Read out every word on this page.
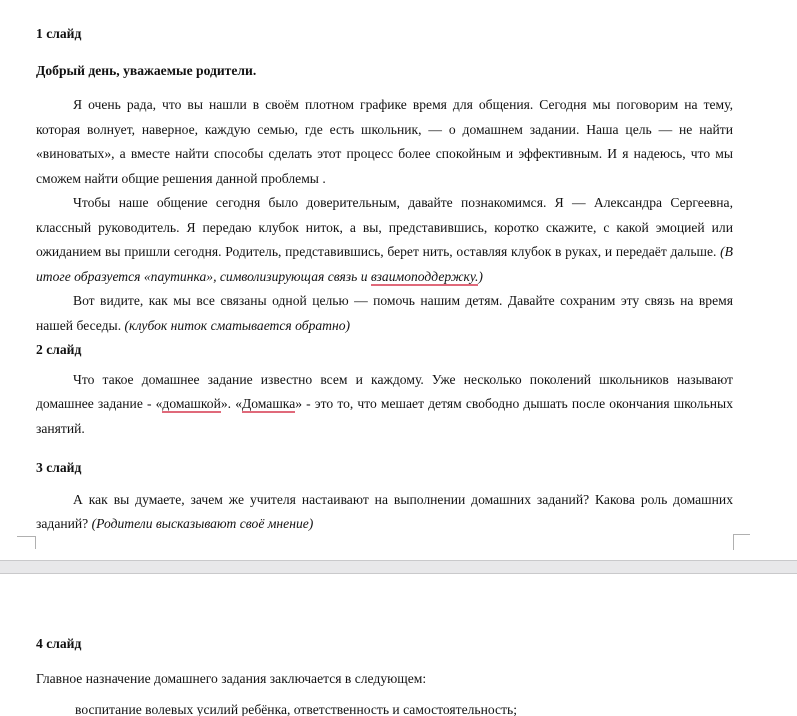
1 слайд

Добрый день, уважаемые родители.

Я очень рада, что вы нашли в своём плотном графике время для общения. Сегодня мы поговорим на тему, которая волнует, наверное, каждую семью, где есть школьник, — о домашнем задании. Наша цель — не найти «виноватых», а вместе найти способы сделать этот процесс более спокойным и эффективным. И я надеюсь, что мы сможем найти общие решения данной проблемы .

Чтобы наше общение сегодня было доверительным, давайте познакомимся. Я — Александра Сергеевна, классный руководитель. Я передаю клубок ниток, а вы, представившись, коротко скажите, с какой эмоцией или ожиданием вы пришли сегодня. Родитель, представившись, берет нить, оставляя клубок в руках, и передаёт дальше. (В итоге образуется «паутинка», символизирующая связь и взаимоподдержку.)

Вот видите, как мы все связаны одной целью — помочь нашим детям. Давайте сохраним эту связь на время нашей беседы. (клубок ниток сматывается обратно)

2 слайд

Что такое домашнее задание известно всем и каждому. Уже несколько поколений школьников называют домашнее задание - «домашкой». «Домашка» - это то, что мешает детям свободно дышать после окончания школьных занятий.

3 слайд

А как вы думаете, зачем же учителя настаивают на выполнении домашних заданий? Какова роль домашних заданий? (Родители высказывают своё мнение)

4 слайд

Главное назначение домашнего задания заключается в следующем:

воспитание волевых усилий ребёнка, ответственность и самостоятельность;
